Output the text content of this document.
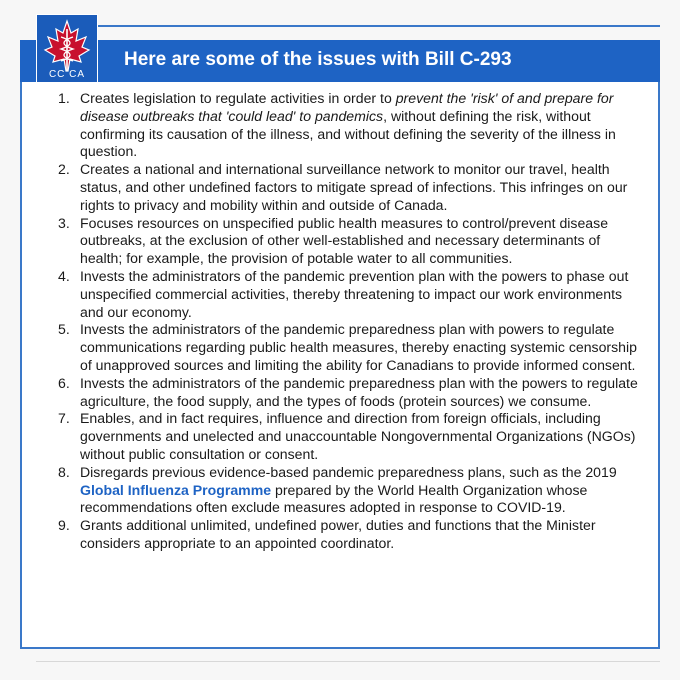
CC CA
Here are some of the issues with Bill C-293
1. Creates legislation to regulate activities in order to prevent the 'risk' of and prepare for disease outbreaks that 'could lead' to pandemics, without defining the risk, without confirming its causation of the illness, and without defining the severity of the illness in question.
2. Creates a national and international surveillance network to monitor our travel, health status, and other undefined factors to mitigate spread of infections. This infringes on our rights to privacy and mobility within and outside of Canada.
3. Focuses resources on unspecified public health measures to control/prevent disease outbreaks, at the exclusion of other well-established and necessary determinants of health; for example, the provision of potable water to all communities.
4. Invests the administrators of the pandemic prevention plan with the powers to phase out unspecified commercial activities, thereby threatening to impact our work environments and our economy.
5. Invests the administrators of the pandemic preparedness plan with powers to regulate communications regarding public health measures, thereby enacting systemic censorship of unapproved sources and limiting the ability for Canadians to provide informed consent.
6. Invests the administrators of the pandemic preparedness plan with the powers to regulate agriculture, the food supply, and the types of foods (protein sources) we consume.
7. Enables, and in fact requires, influence and direction from foreign officials, including governments and unelected and unaccountable Nongovernmental Organizations (NGOs) without public consultation or consent.
8. Disregards previous evidence-based pandemic preparedness plans, such as the 2019 Global Influenza Programme prepared by the World Health Organization whose recommendations often exclude measures adopted in response to COVID-19.
9. Grants additional unlimited, undefined power, duties and functions that the Minister considers appropriate to an appointed coordinator.
